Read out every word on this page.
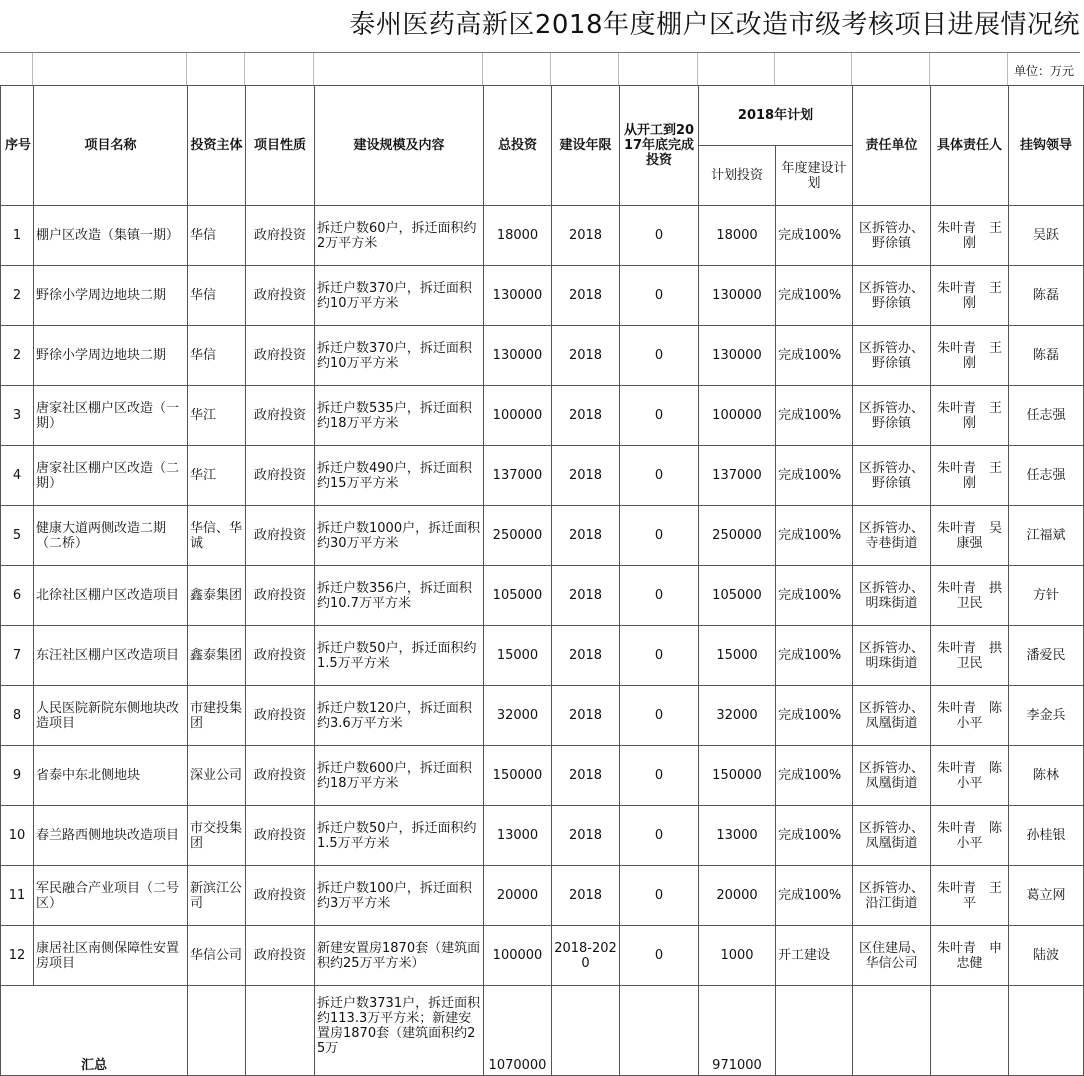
泰州医药高新区2018年度棚户区改造市级考核项目进展情况统
单位：万元
序号	项目名称	投资主体	项目性质	建设规模及内容	总投资	建设年限	从开工到2017年底完成投资	2018年计划		责任单位	具体责任人	挂钩领导
								计划投资	年度建设计划			
1	棚户区改造（集镇一期）	华信	政府投资	拆迁户数60户，拆迁面积约2万平方米	18000	2018	0	18000	完成100%	区拆管办、野徐镇	朱叶青　王刚	吴跃
2	野徐小学周边地块二期	华信	政府投资	拆迁户数370户，拆迁面积约10万平方米	130000	2018	0	130000	完成100%	区拆管办、野徐镇	朱叶青　王刚	陈磊
2	野徐小学周边地块二期	华信	政府投资	拆迁户数370户，拆迁面积约10万平方米	130000	2018	0	130000	完成100%	区拆管办、野徐镇	朱叶青　王刚	陈磊
3	唐家社区棚户区改造（一期）	华江	政府投资	拆迁户数535户，拆迁面积约18万平方米	100000	2018	0	100000	完成100%	区拆管办、野徐镇	朱叶青　王刚	任志强
4	唐家社区棚户区改造（二期）	华江	政府投资	拆迁户数490户，拆迁面积约15万平方米	137000	2018	0	137000	完成100%	区拆管办、野徐镇	朱叶青　王刚	任志强
5	健康大道两侧改造二期（二桥）	华信、华诚	政府投资	拆迁户数1000户，拆迁面积约30万平方米	250000	2018	0	250000	完成100%	区拆管办、寺巷街道	朱叶青　吴康强	江福斌
6	北徐社区棚户区改造项目	鑫泰集团	政府投资	拆迁户数356户，拆迁面积约10.7万平方米	105000	2018	0	105000	完成100%	区拆管办、明珠街道	朱叶青　拱卫民	方针
7	东汪社区棚户区改造项目	鑫泰集团	政府投资	拆迁户数50户，拆迁面积约1.5万平方米	15000	2018	0	15000	完成100%	区拆管办、明珠街道	朱叶青　拱卫民	潘爱民
8	人民医院新院东侧地块改造项目	市建投集团	政府投资	拆迁户数120户，拆迁面积约3.6万平方米	32000	2018	0	32000	完成100%	区拆管办、凤凰街道	朱叶青　陈小平	李金兵
9	省泰中东北侧地块	深业公司	政府投资	拆迁户数600户，拆迁面积约18万平方米	150000	2018	0	150000	完成100%	区拆管办、凤凰街道	朱叶青　陈小平	陈林
10	春兰路西侧地块改造项目	市交投集团	政府投资	拆迁户数50户，拆迁面积约1.5万平方米	13000	2018	0	13000	完成100%	区拆管办、凤凰街道	朱叶青　陈小平	孙桂银
11	军民融合产业项目（二号区）	新滨江公司	政府投资	拆迁户数100户，拆迁面积约3万平方米	20000	2018	0	20000	完成100%	区拆管办、沿江街道	朱叶青　王平	葛立网
12	康居社区南侧保障性安置房项目	华信公司	政府投资	新建安置房1870套（建筑面积约25万平方米）	100000	2018-2020	0	1000	开工建设	区住建局、华信公司	朱叶青　申忠健	陆波
汇总				拆迁户数3731户，拆迁面积约113.3万平方米；新建安置房1870套（建筑面积约25万	1070000			971000				
